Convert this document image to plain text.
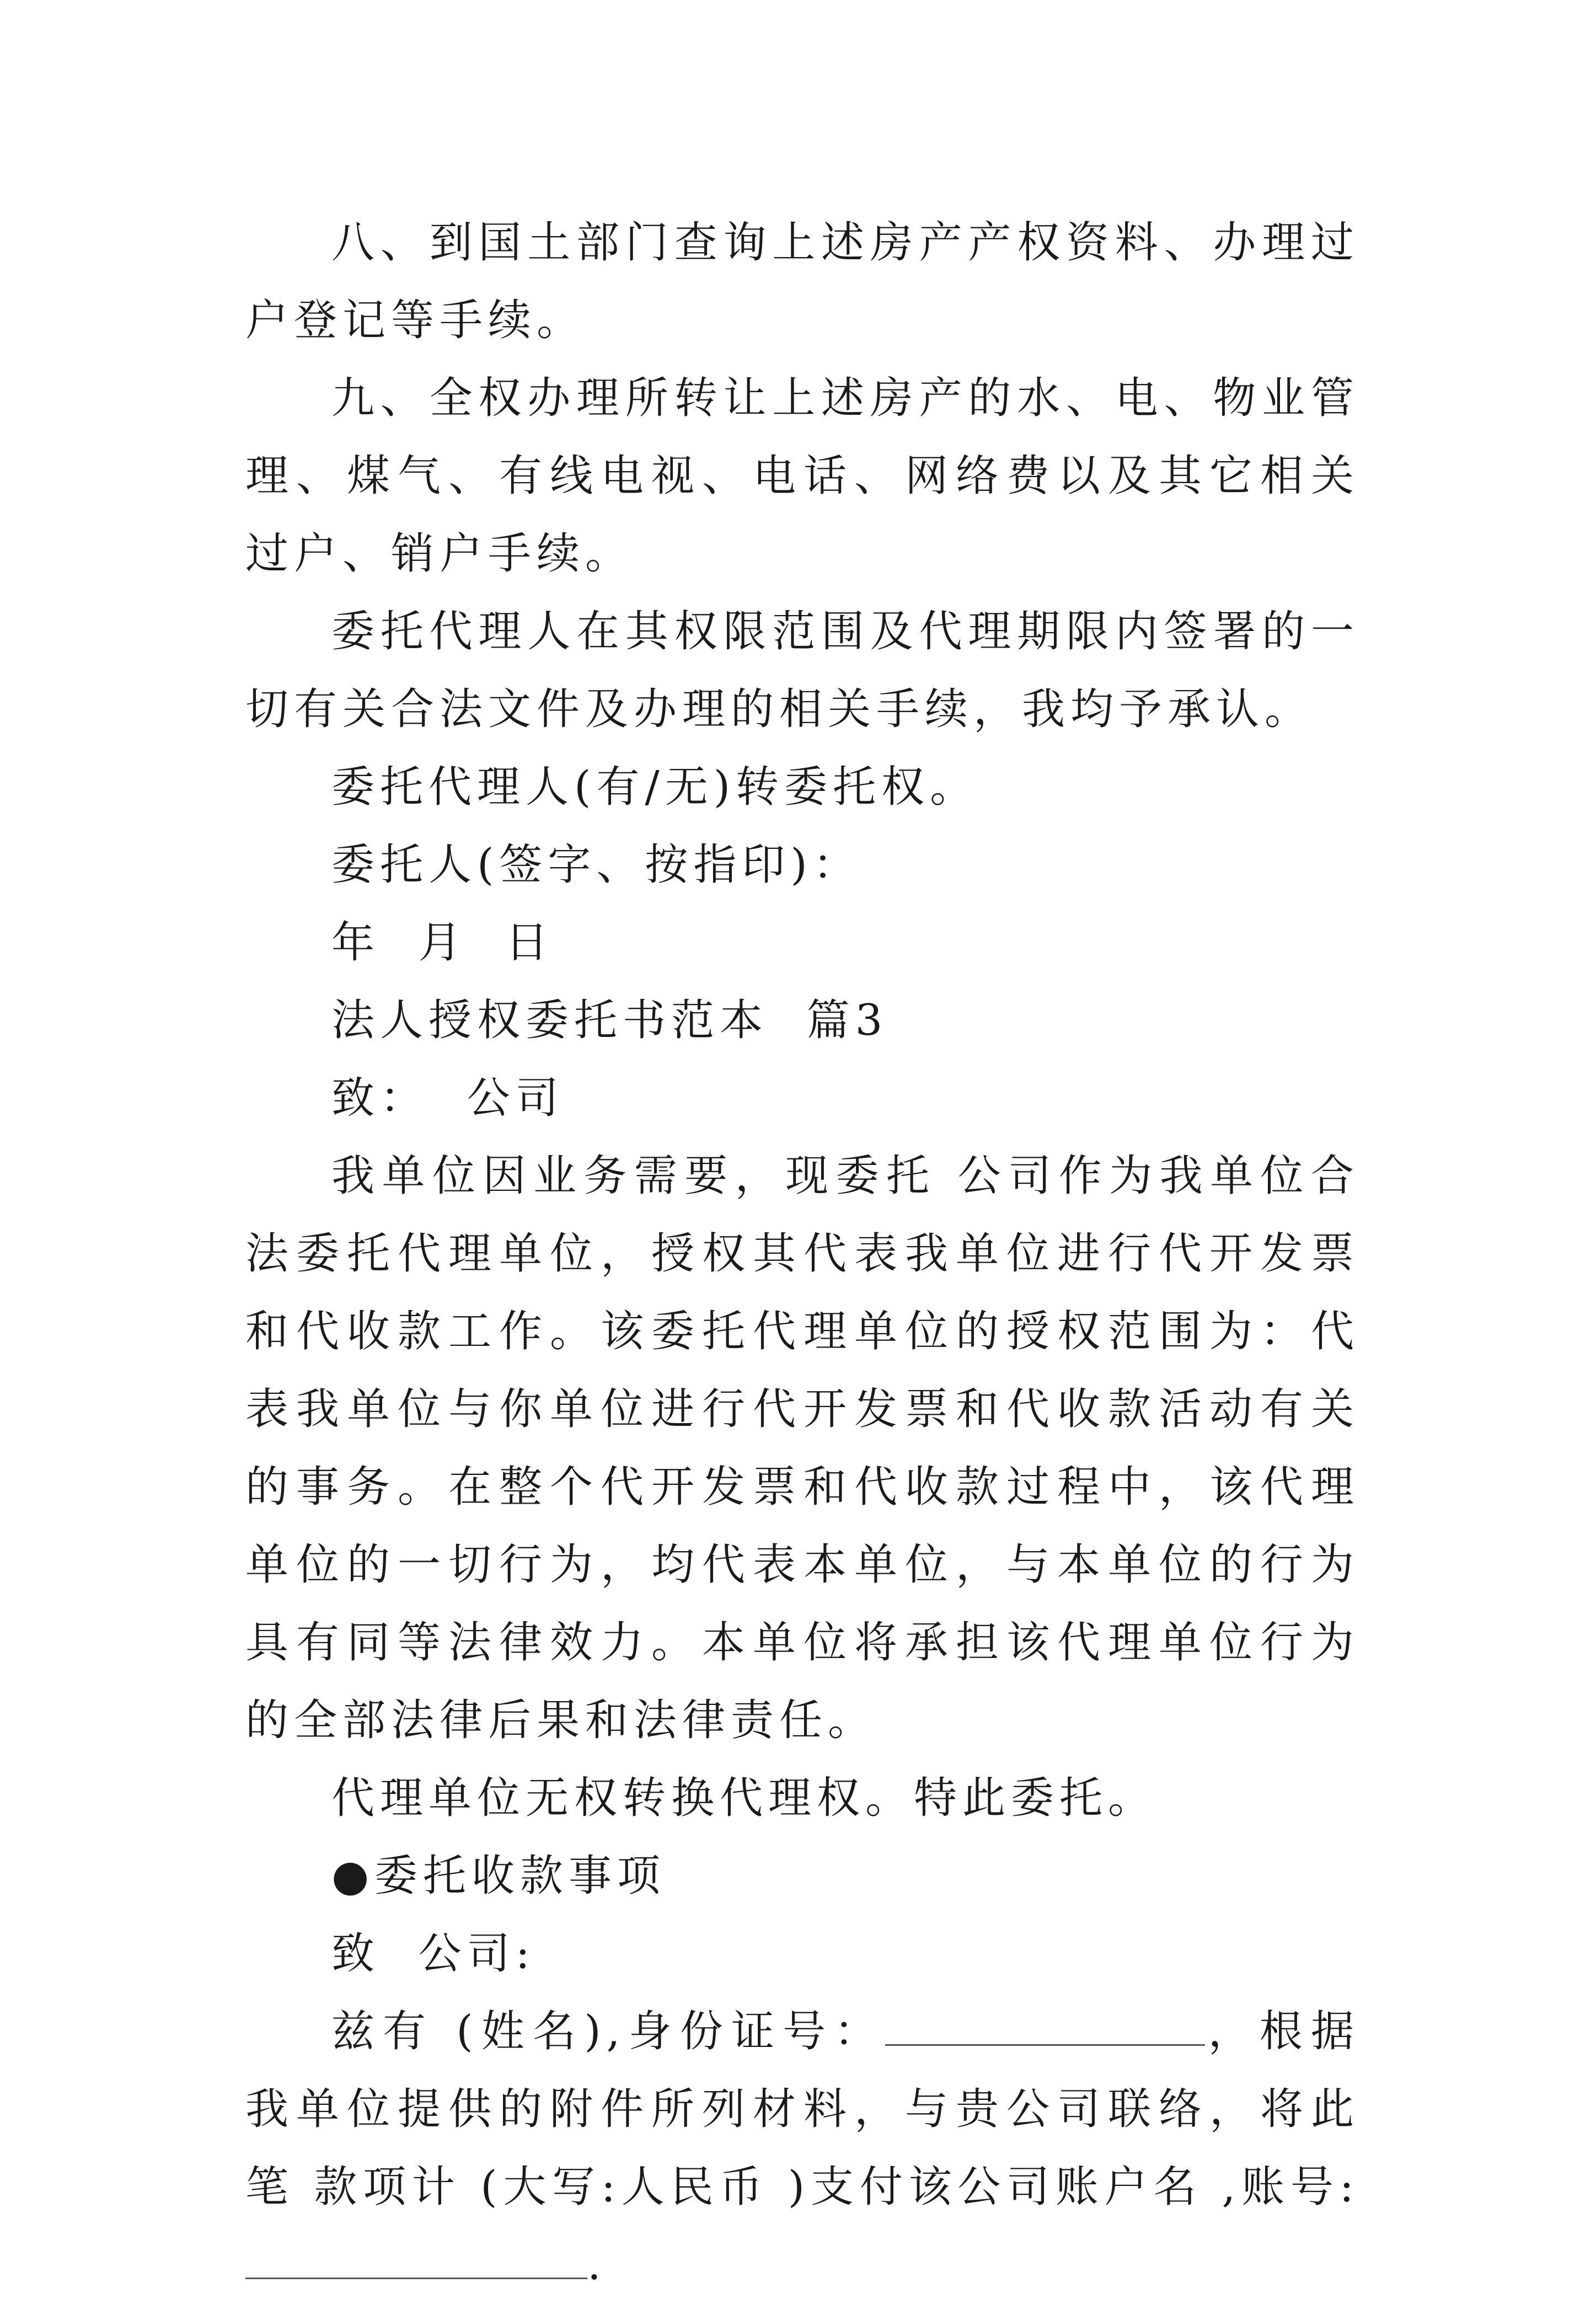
八、到国土部门查询上述房产产权资料、办理过户登记等手续。

九、全权办理所转让上述房产的水、电、物业管理、煤气、有线电视、电话、网络费以及其它相关过户、销户手续。

委托代理人在其权限范围及代理期限内签署的一切有关合法文件及办理的相关手续，我均予承认。

委托代理人(有/无)转委托权。

委托人(签字、按指印)：

年  月  日

法人授权委托书范本  篇3

致：  公司

我单位因业务需要，现委托 公司作为我单位合法委托代理单位，授权其代表我单位进行代开发票和代收款工作。该委托代理单位的授权范围为：代表我单位与你单位进行代开发票和代收款活动有关的事务。在整个代开发票和代收款过程中，该代理单位的一切行为，均代表本单位，与本单位的行为具有同等法律效力。本单位将承担该代理单位行为的全部法律后果和法律责任。

代理单位无权转换代理权。特此委托。

●委托收款事项

致  公司:

兹有 (姓名),身份证号：	，根据我单位提供的附件所列材料，与贵公司联络，将此笔 款项计 (大写:人民币 )支付该公司账户名 ,账号:.
